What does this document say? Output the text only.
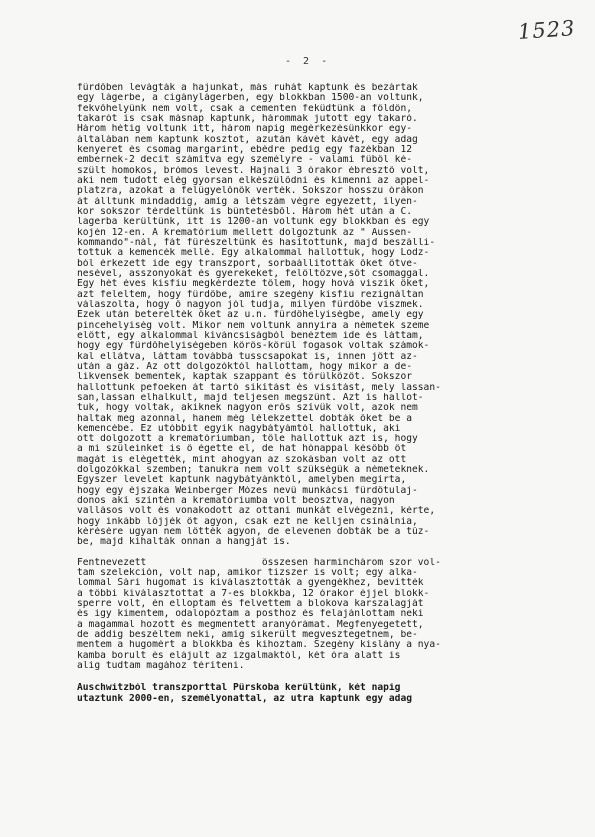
1523
- 2 -
fürdőben levágták a hajunkat, más ruhát kaptunk és bezártak
egy lágerbe, a cigánylágerben, egy blokkban 1500-an voltunk,
fekvőhelyünk nem volt, csak a cementen feküdtünk a földön,
takarót is csak másnap kaptunk, hárommak jutott egy takaró.
Három hétig voltunk itt, három napig megérkezésünkkor egy-
általában nem kaptunk kosztot, azután kávét kávét, egy adag
kenyeret és csomag margarint, ebédre pedig egy fazékban 12
embernek-2 decit számítva egy személyre - valami füből ké-
szült homokos, brómos levest. Hajnali 3 órakor ébresztő volt,
aki nem tudott elég gyorsan elkészülődni és kimenni az appel-
platzra, azokat a felügyelőnők verték. Sokszor hosszu órákon
át álltunk mindaddig, amíg a létszám végre egyezett, ilyen-
kor sokszor térdeltünk is büntetésből. Három hét után a C.
lagerba kerültünk, itt is 1200-an voltunk egy blokkban és egy
kojén 12-en. A krematórium mellett dolgoztunk az " Aussen-
kommando"-nál, fát fűrészeltünk és hasítottunk, majd beszálli-
tottuk a kemencék mellé. Egy alkalommal hallottuk, hogy Lodz-
ból érkezett ide egy transzport, sorbaállították őket ötve-
nesével, asszonyokat és gyerekeket, felöltözve,sőt csomaggal.
Egy hét éves kisfiu megkérdezte tőlem, hogy hová viszik őket,
azt feleltem, hogy fürdőbe, amire szegény kisfiu rezignáltan
válaszolta, hogy ő nagyon jól tudja, milyen fürdőbe viszmek.
Ezek után beterelték őket az u.n. fürdőhelyiségbe, amely egy
pincehelyiség volt. Mikor nem voltunk annyira a németek szeme
előtt, egy alkalommal kíváncsiságból benéztem ide és láttam,
hogy egy fürdőhelyiségeben körös-körül fogasok voltak számok-
kal ellátva, láttam továbbá tusscsapokat is, innen jött az-
után a gáz. Az ott dolgozóktól hallottam, hogy mikor a de-
likvensek bementek, kaptak szappant és törülközőt. Sokszor
hallottunk pefoeken át tartó sikítást és visítást, mely lassan-
san,lassan elhalkult, majd teljesen megszünt. Azt is hallot-
tuk, hogy voltak, akiknek nagyon erős szívük volt, azok nem
haltak meg azonnal, hanem még lélekzettel dobták őket be a
kemencébe. Ez utóbbit egyik nagybátyámtól hallottuk, aki
ott dolgozott a krematóriumban, tőle hallottuk azt is, hogy
a mi szüleinket is ő égette el, de hat hónappal később őt
magát is elégették, mint ahogyan az szokásban volt az ott
dolgozókkal szemben; tanukra nem volt szükségük a németeknek.
Egyszer levelet kaptunk nagybátyánktól, amelyben megírta,
hogy egy éjszaka Weinberger Mózes nevű munkácsi fürdőtulaj-
donos akí szintén a krematóriumba volt beosztva, nagyon
vallásos volt és vonakodott az ottani munkát elvégezni, kérte,
hogy inkább lőjjék őt agyon, csak ezt ne kelljen csinálnia,
kérésére ugyan nem lőtték agyon, de elevenen dobták be a tűz-
be, majd kihalták onnan a hangját is.
Fentnevezett                    összesen harminchárom szor vol-
tam szelekción, volt nap, amikor tizszer is volt; egy alka-
lommal Sári hugomat is kiválasztották a gyengékhez, bevitték
a többi kiválasztottat a 7-es blokkba, 12 órakor éjjel blokk-
sperre volt, én elloptam és felvettem a blokova karszalagját
és igy kimentem, odalopóztam a posthoz és felajánlottam neki
a magammal hozott és megmentett aranyórámat. Megfenyegetett,
de addig beszéltem neki, amíg sikerült megvesztegetnem, be-
mentem a hugomért a blokkba és kihoztam. Szegény kislány a nya-
kamba borult és elájult az izgalmaktól, két óra alatt is
alig tudtam magához téríteni.
Auschwitzból transzporttal Pürskoba kerültünk, két napig
utaztunk 2000-en, személyonattal, az utra kaptunk egy adag
